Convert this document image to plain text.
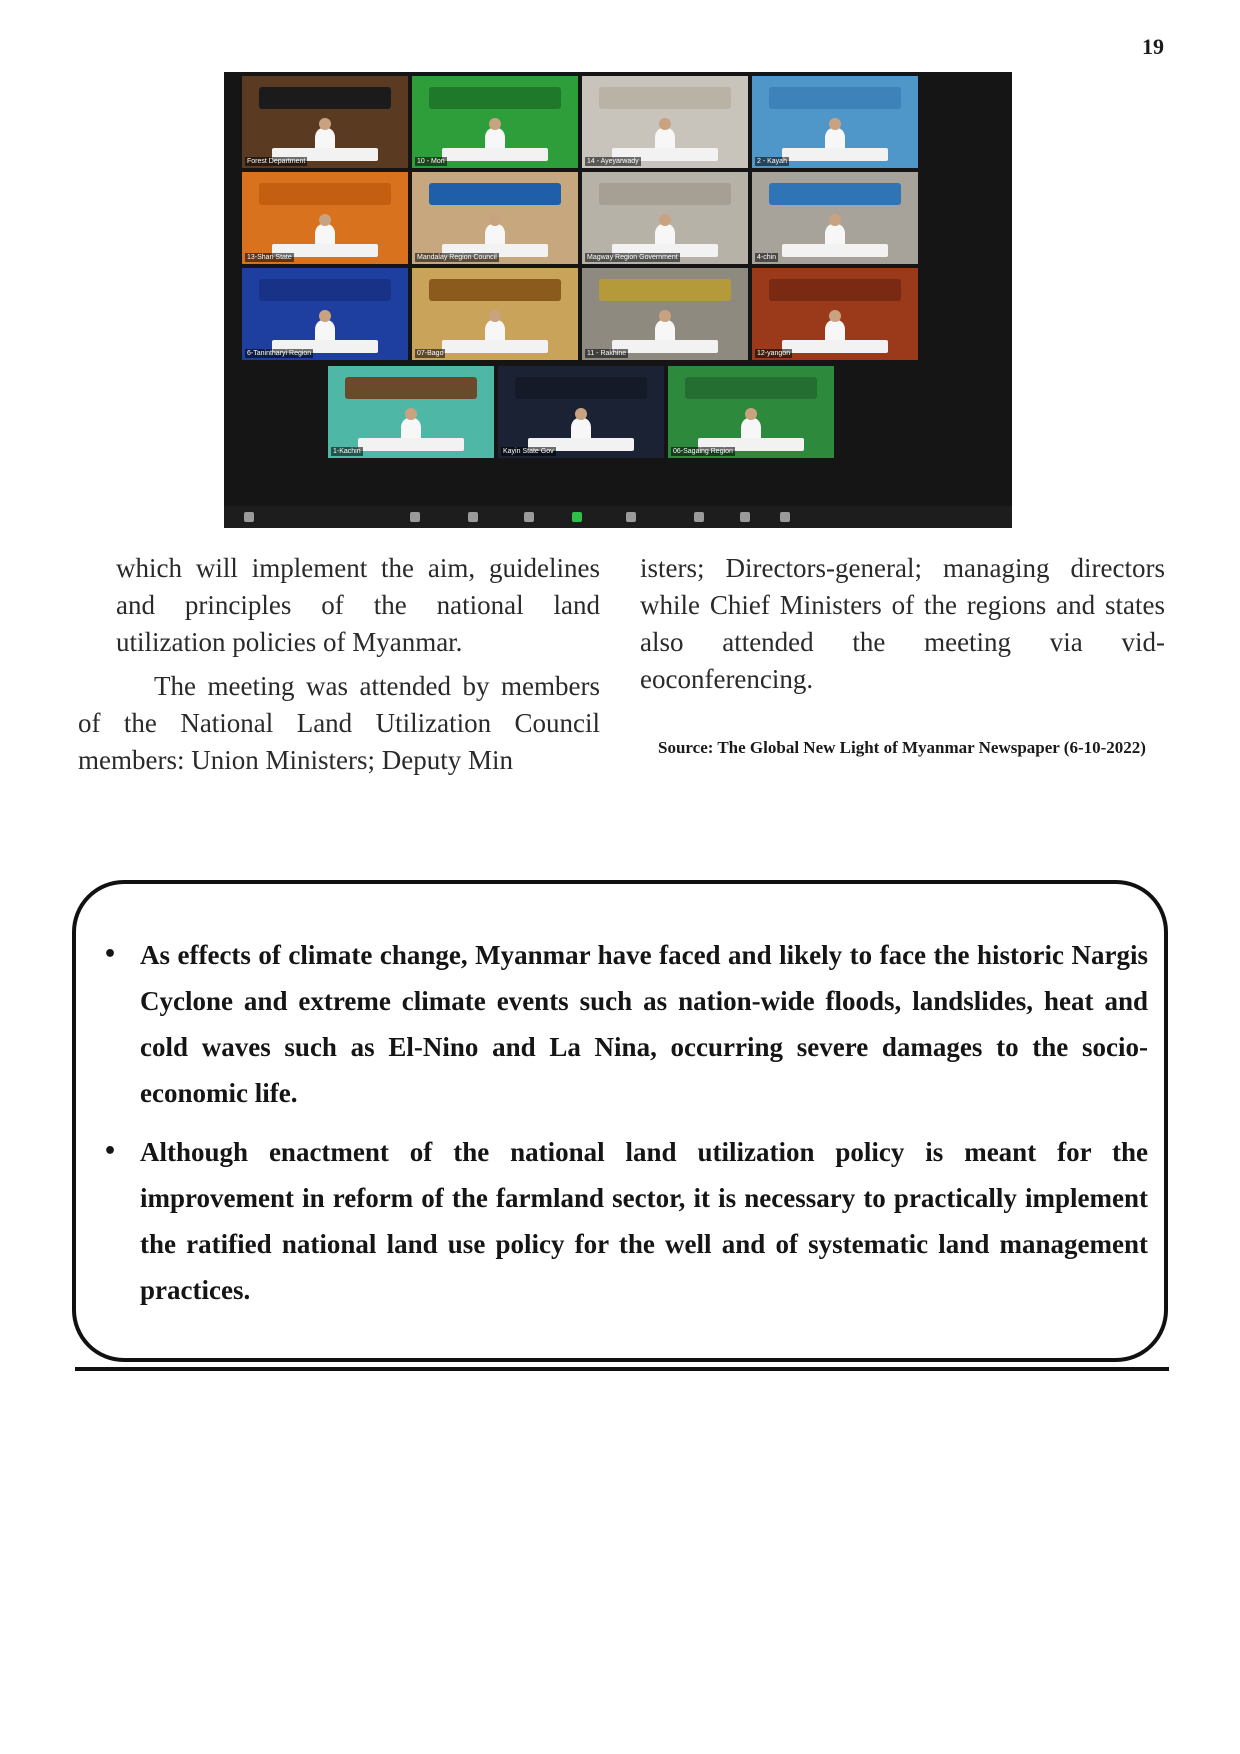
19
Forest Department	10 - Mon	14 - Ayeyarwady	2 - Kayah
13-Shan State	Mandalay Region Council	Magway Region Government	4-chin
6-Tanintharyi Region	07-Bago	11 - Rakhine	12-yangon
1-Kachin	Kayin State Gov	06-Sagaing Region

which will implement the aim, guidelines and principles of the national land utilization policies of Myanmar.

The meeting was attended by members of the National Land Utilization Council members: Union Ministers; Deputy Min

isters; Directors-general; managing directors while Chief Ministers of the regions and states also attended the meeting via videoconferencing.

Source: The Global New Light of Myanmar Newspaper (6-10-2022)
• As effects of climate change, Myanmar have faced and likely to face the historic Nargis Cyclone and extreme climate events such as nation-wide floods, landslides, heat and cold waves such as El-Nino and La Nina, occurring severe damages to the socio-economic life.
• Although enactment of the national land utilization policy is meant for the improvement in reform of the farmland sector, it is necessary to practically implement the ratified national land use policy for the well and of systematic land management practices.
